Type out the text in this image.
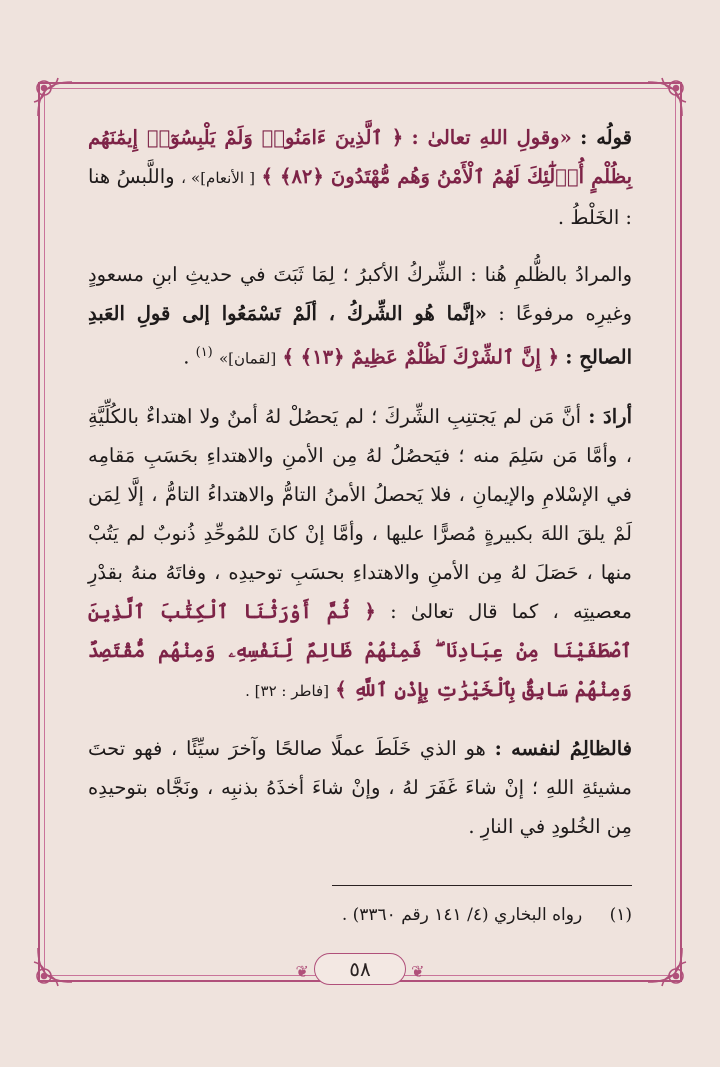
قولُه : «وقولِ اللهِ تعالىٰ : ﴿ ٱلَّذِينَ ءَامَنُوا۟ وَلَمْ يَلْبِسُوٓا۟ إِيمَٰنَهُم بِظُلْمٍ أُو۟لَٰٓئِكَ لَهُمُ ٱلْأَمْنُ وَهُم مُّهْتَدُونَ ﴿٨٢﴾ ﴾ [ الأنعام]» ، واللَّبسُ هنا : الخَلْطُ .

والمرادُ بالظُّلمِ هُنا : الشِّركُ الأكبرُ ؛ لِمَا ثَبَتَ في حديثِ ابنِ مسعودٍ وغيرِه مرفوعًا : «إنَّما هُو الشِّركُ ، ألَمْ تَسْمَعُوا إلى قولِ العَبدِ الصالحِ : ﴿ إِنَّ ٱلشِّرْكَ لَظُلْمٌ عَظِيمٌ ﴿١٣﴾ ﴾ [لقمان]» $^{(١)}$ .

أرادَ : أنَّ مَن لم يَجتنِبِ الشِّركَ ؛ لم يَحصُلْ لهُ أمنٌ ولا اهتداءٌ بالكُلِّيَّةِ ، وأمَّا مَن سَلِمَ منه ؛ فيَحصُلُ لهُ مِن الأمنِ والاهتداءِ بحَسَبِ مَقامِه في الإسْلامِ والإيمانِ ، فلا يَحصلُ الأمنُ التامُّ والاهتداءُ التامُّ ، إلَّا لِمَن لَمْ يلقَ اللهَ بكبيرةٍ مُصرًّا عليها ، وأمَّا إنْ كانَ للمُوحِّدِ ذُنوبٌ لم يَتُبْ منها ، حَصَلَ لهُ مِن الأمنِ والاهتداءِ بحسَبِ توحيدِه ، وفاتَهُ منهُ بقدْرِ معصيتِه ، كما قال تعالىٰ : ﴿ ثُمَّ أَوْرَثْنَا ٱلْكِتَٰبَ ٱلَّذِينَ ٱصْطَفَيْنَا مِنْ عِبَادِنَا ۖ فَمِنْهُمْ ظَالِمٌ لِّنَفْسِهِۦ وَمِنْهُم مُّقْتَصِدٌ وَمِنْهُمْ سَابِقٌۢ بِٱلْخَيْرَٰتِ بِإِذْنِ ٱللَّهِ ﴾ [فاطر : ٣٢] .

فالظالِمُ لنفسه : هو الذي خَلَطَ عملًا صالحًا وآخرَ سيِّئًا ، فهو تحتَ مشيئةِ اللهِ ؛ إنْ شاءَ غَفَرَ لهُ ، وإنْ شاءَ أخذَهُ بذنبِه ، ونَجَّاه بتوحيدِه مِن الخُلودِ في النارِ .

(١) رواه البخاري (٤/ ١٤١ رقم ٣٣٦٠) .
❦ ٥٨	❦
